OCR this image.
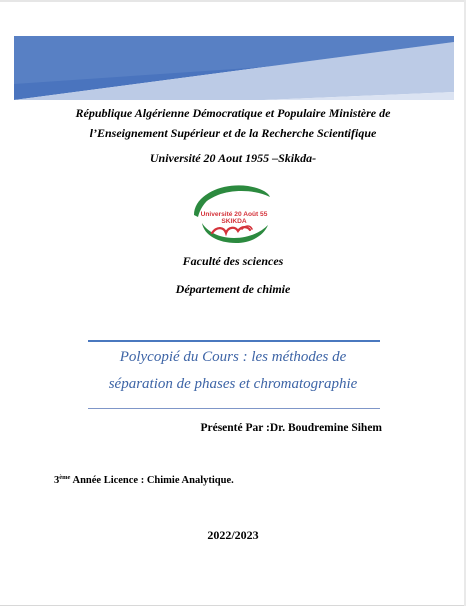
République Algérienne Démocratique et Populaire Ministère de
l’Enseignement Supérieur et de la Recherche Scientifique
Université 20 Aout 1955 –Skikda-
Université 20 Août 55
SKIKDA
Faculté des sciences
Département de chimie
Polycopié du Cours : les méthodes de
séparation de phases et chromatographie
Présenté Par :Dr. Boudremine Sihem
3ème Année Licence : Chimie Analytique.
2022/2023
